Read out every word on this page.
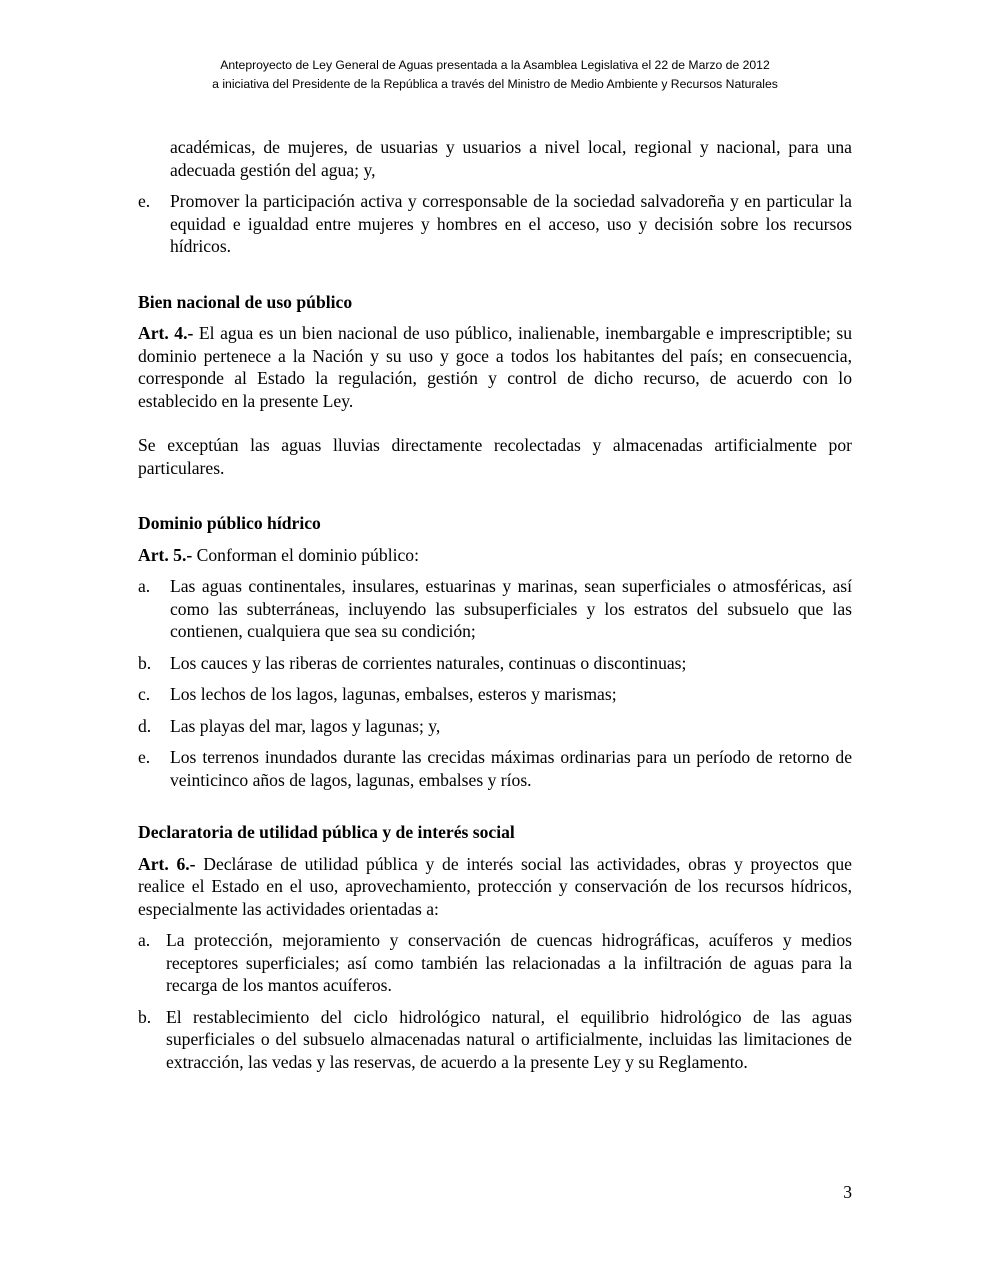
Anteproyecto de Ley General de Aguas presentada a la Asamblea Legislativa el 22 de Marzo de 2012
a iniciativa del Presidente de la República a través del Ministro de Medio Ambiente y Recursos Naturales

académicas, de mujeres, de usuarias y usuarios a nivel local, regional y nacional, para una adecuada gestión del agua; y,

e.	Promover la participación activa y corresponsable de la sociedad salvadoreña y en particular la equidad e igualdad entre mujeres y hombres en el acceso, uso y decisión sobre los recursos hídricos.

Bien nacional de uso público

Art. 4.- El agua es un bien nacional de uso público, inalienable, inembargable e imprescriptible; su dominio pertenece a la Nación y su uso y goce a todos los habitantes del país; en consecuencia, corresponde al Estado la regulación, gestión y control de dicho recurso, de acuerdo con lo establecido en la presente Ley.

Se exceptúan las aguas lluvias directamente recolectadas y almacenadas artificialmente por particulares.

Dominio público hídrico

Art. 5.- Conforman el dominio público:

a.	Las aguas continentales, insulares, estuarinas y marinas, sean superficiales o atmosféricas, así como las subterráneas, incluyendo las subsuperficiales y los estratos del subsuelo que las contienen, cualquiera que sea su condición;
b.	Los cauces y las riberas de corrientes naturales, continuas o discontinuas;
c.	Los lechos de los lagos, lagunas, embalses, esteros y marismas;
d.	Las playas del mar, lagos y lagunas; y,
e.	Los terrenos inundados durante las crecidas máximas ordinarias para un período de retorno de veinticinco años de lagos, lagunas, embalses y ríos.

Declaratoria de utilidad pública y de interés social

Art. 6.- Declárase de utilidad pública y de interés social las actividades, obras y proyectos que realice el Estado en el uso, aprovechamiento, protección y conservación de los recursos hídricos, especialmente las actividades orientadas a:

a. La protección, mejoramiento y conservación de cuencas hidrográficas, acuíferos y medios receptores superficiales; así como también las relacionadas a la infiltración de aguas para la recarga de los mantos acuíferos.
b. El restablecimiento del ciclo hidrológico natural, el equilibrio hidrológico de las aguas superficiales o del subsuelo almacenadas natural o artificialmente, incluidas las limitaciones de extracción, las vedas y las reservas, de acuerdo a la presente Ley y su Reglamento.
3
